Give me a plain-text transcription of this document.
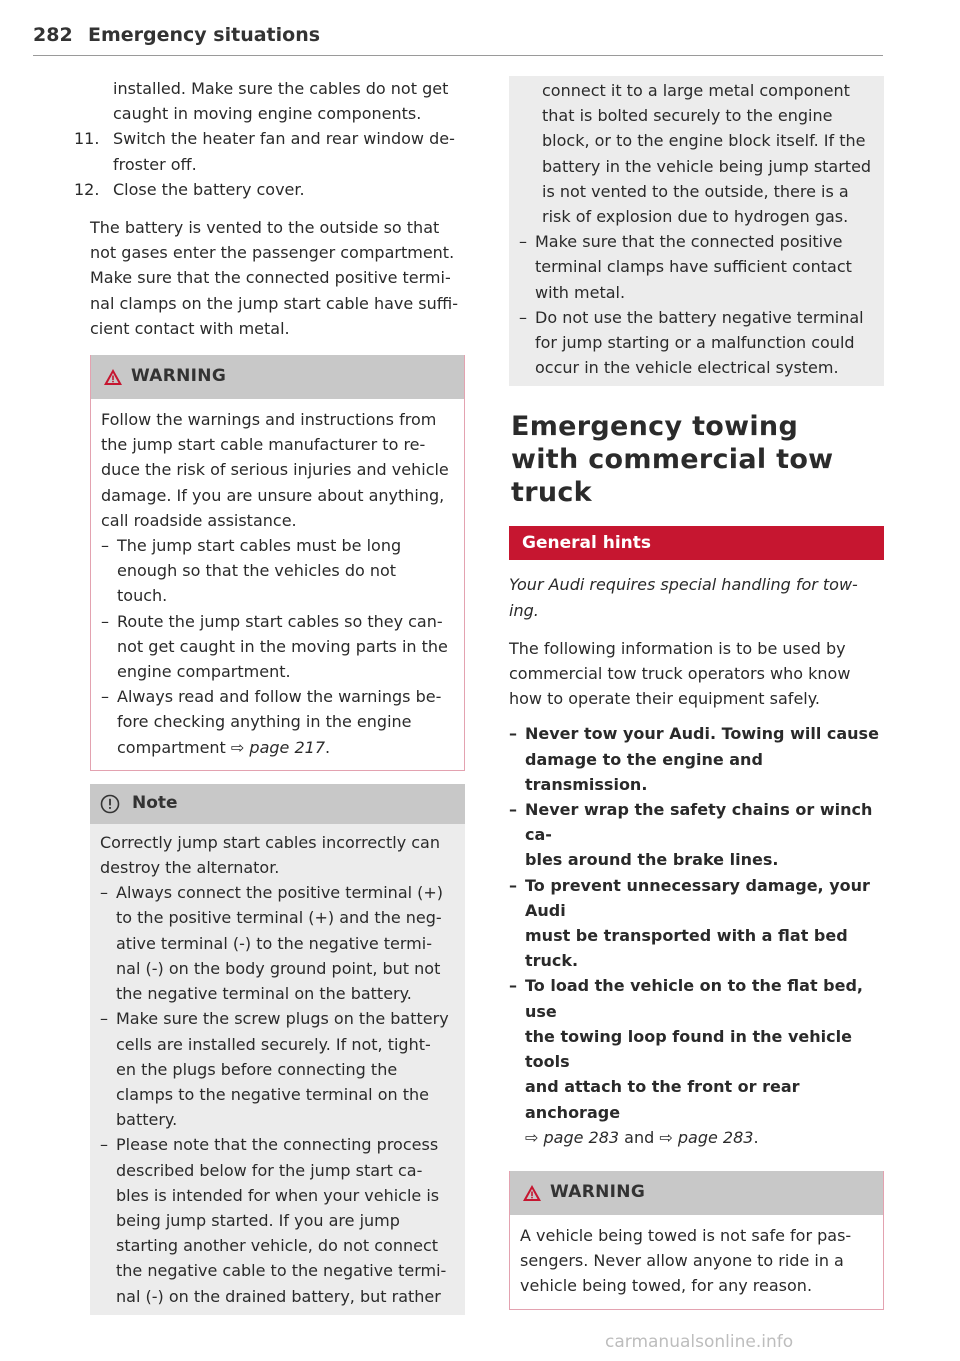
282 Emergency situations
installed. Make sure the cables do not get
caught in moving engine components.
11. Switch the heater fan and rear window de-
froster off.
12. Close the battery cover.
The battery is vented to the outside so that
not gases enter the passenger compartment.
Make sure that the connected positive termi-
nal clamps on the jump start cable have suffi-
cient contact with metal.
WARNING
Follow the warnings and instructions from
the jump start cable manufacturer to re-
duce the risk of serious injuries and vehicle
damage. If you are unsure about anything,
call roadside assistance.
– The jump start cables must be long
enough so that the vehicles do not
touch.
– Route the jump start cables so they can-
not get caught in the moving parts in the
engine compartment.
– Always read and follow the warnings be-
fore checking anything in the engine
compartment ⇨ page 217.
Note
Correctly jump start cables incorrectly can
destroy the alternator.
– Always connect the positive terminal (+)
to the positive terminal (+) and the neg-
ative terminal (-) to the negative termi-
nal (-) on the body ground point, but not
the negative terminal on the battery.
– Make sure the screw plugs on the battery
cells are installed securely. If not, tight-
en the plugs before connecting the
clamps to the negative terminal on the
battery.
– Please note that the connecting process
described below for the jump start ca-
bles is intended for when your vehicle is
being jump started. If you are jump
starting another vehicle, do not connect
the negative cable to the negative termi-
nal (-) on the drained battery, but rather
connect it to a large metal component
that is bolted securely to the engine
block, or to the engine block itself. If the
battery in the vehicle being jump started
is not vented to the outside, there is a
risk of explosion due to hydrogen gas.
– Make sure that the connected positive
terminal clamps have sufficient contact
with metal.
– Do not use the battery negative terminal
for jump starting or a malfunction could
occur in the vehicle electrical system.
Emergency towing
with commercial tow
truck
General hints
Your Audi requires special handling for tow-
ing.
The following information is to be used by
commercial tow truck operators who know
how to operate their equipment safely.
– Never tow your Audi. Towing will cause
damage to the engine and transmission.
– Never wrap the safety chains or winch ca-
bles around the brake lines.
– To prevent unnecessary damage, your Audi
must be transported with a flat bed truck.
– To load the vehicle on to the flat bed, use
the towing loop found in the vehicle tools
and attach to the front or rear anchorage
⇨ page 283 and ⇨ page 283.
WARNING
A vehicle being towed is not safe for pas-
sengers. Never allow anyone to ride in a
vehicle being towed, for any reason.
carmanualsonline.info
